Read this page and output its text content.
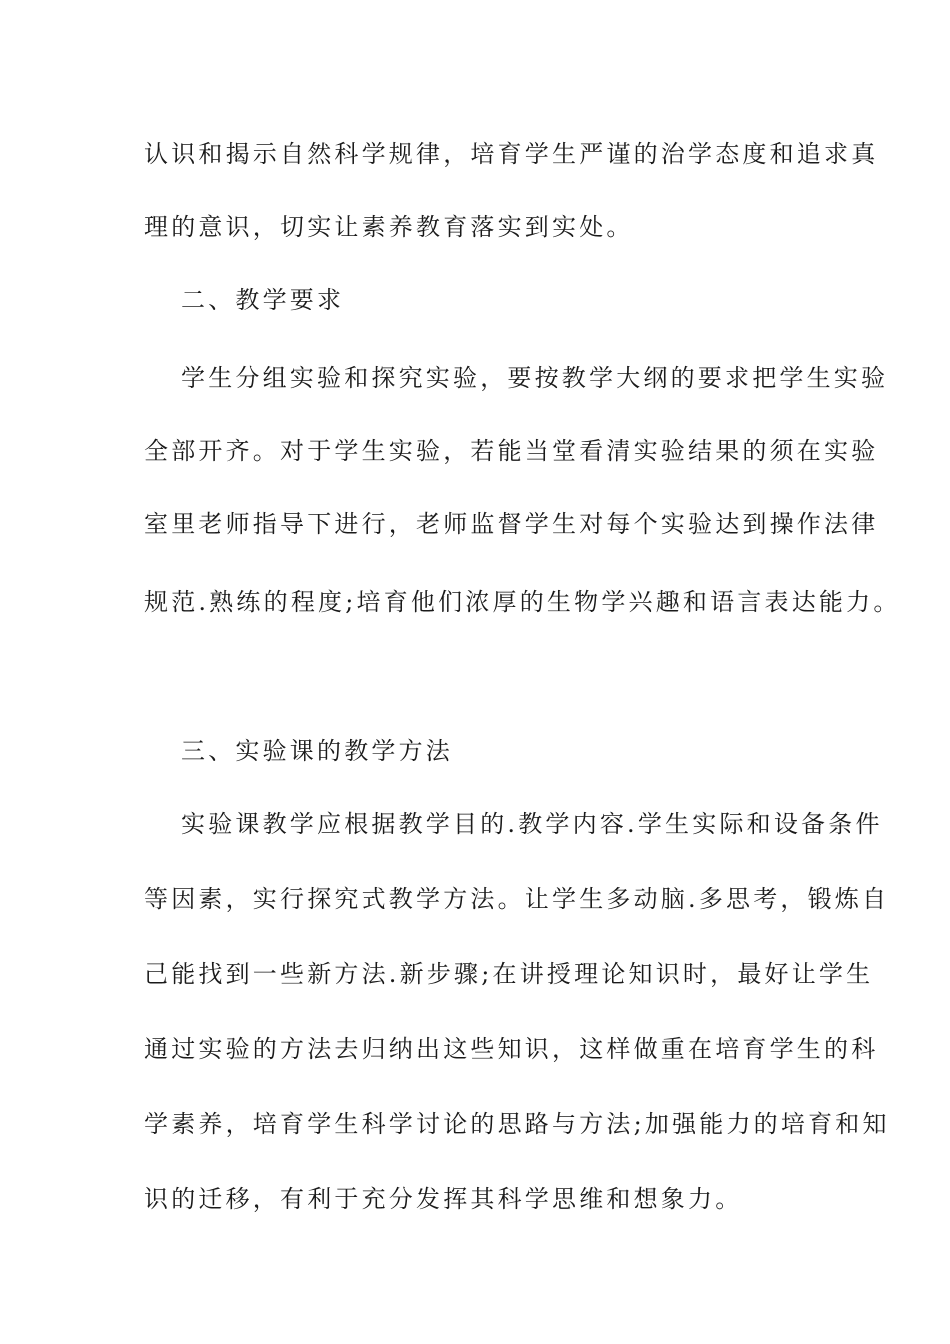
认识和揭示自然科学规律，培育学生严谨的治学态度和追求真
理的意识，切实让素养教育落实到实处。
二、教学要求
学生分组实验和探究实验，要按教学大纲的要求把学生实验
全部开齐。对于学生实验，若能当堂看清实验结果的须在实验
室里老师指导下进行，老师监督学生对每个实验达到操作法律
规范.熟练的程度;培育他们浓厚的生物学兴趣和语言表达能力。
三、实验课的教学方法
实验课教学应根据教学目的.教学内容.学生实际和设备条件
等因素，实行探究式教学方法。让学生多动脑.多思考，锻炼自
己能找到一些新方法.新步骤;在讲授理论知识时，最好让学生
通过实验的方法去归纳出这些知识，这样做重在培育学生的科
学素养，培育学生科学讨论的思路与方法;加强能力的培育和知
识的迁移，有利于充分发挥其科学思维和想象力。
